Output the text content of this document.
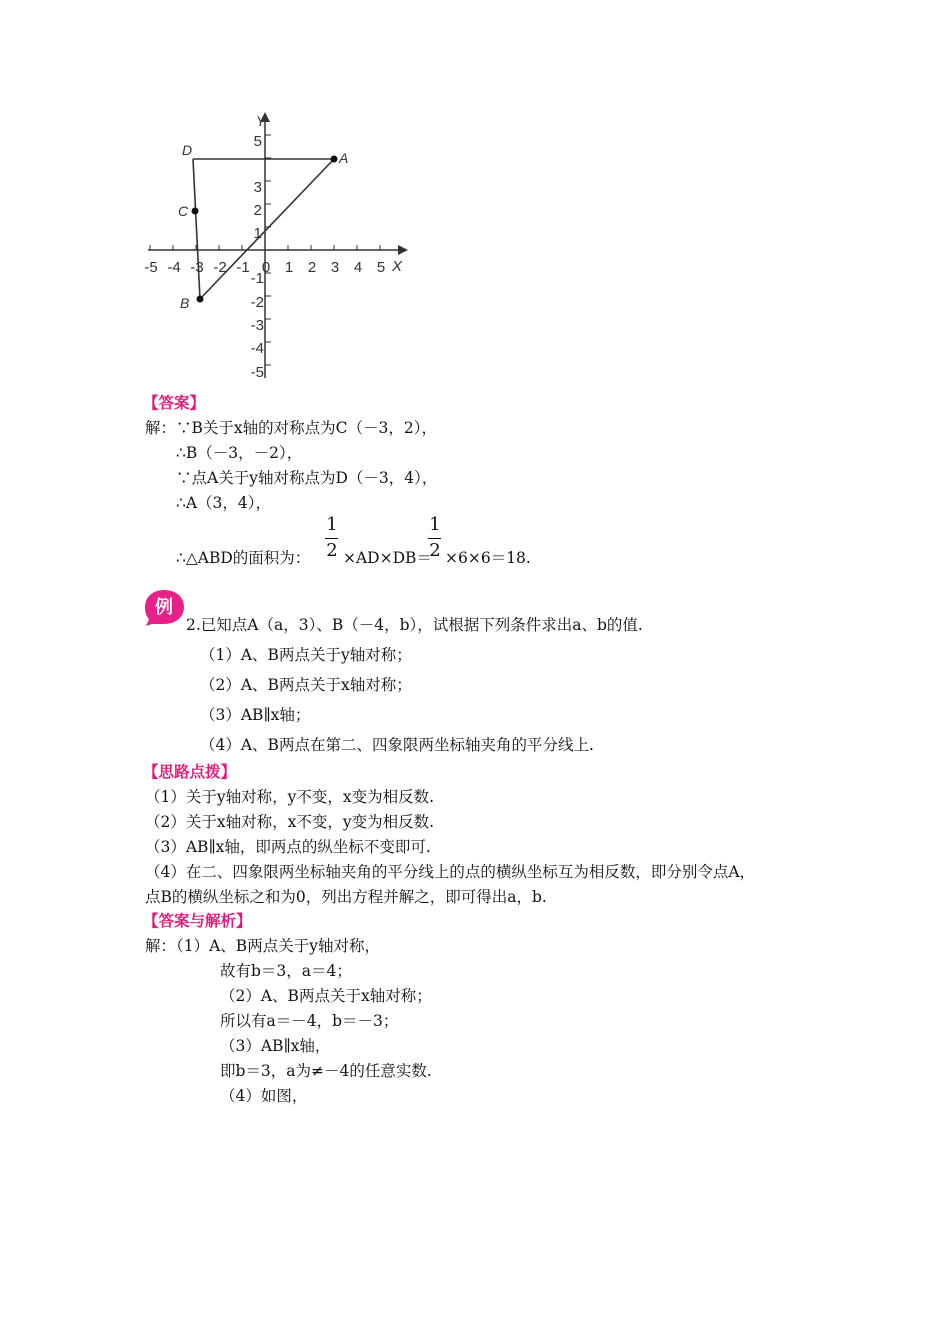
A
B
C
D
X
Y
-5 -4 -3 -2 -1 0 1 2 3 4 5
5
3
2
1
-1
-2
-3
-4
-5
【答案】
解：∵B关于x轴的对称点为C（－3，2），
∴B（－3，－2），
∵点A关于y轴对称点为D（－3，4），
∴A（3，4），
∴△ABD的面积为：
1
2 ×AD×DB＝
1
2 ×6×6＝18.
例
2.已知点A（a，3）、B（－4，b），试根据下列条件求出a、b的值.
（1）A、B两点关于y轴对称；
（2）A、B两点关于x轴对称；
（3）AB∥x轴；
（4）A、B两点在第二、四象限两坐标轴夹角的平分线上.
【思路点拨】
（1）关于y轴对称，y不变，x变为相反数.
（2）关于x轴对称，x不变，y变为相反数.
（3）AB∥x轴，即两点的纵坐标不变即可.
（4）在二、四象限两坐标轴夹角的平分线上的点的横纵坐标互为相反数，即分别令点A，
点B的横纵坐标之和为0，列出方程并解之，即可得出a，b.
【答案与解析】
解：（1）A、B两点关于y轴对称，
故有b＝3，a＝4；
（2）A、B两点关于x轴对称；
所以有a＝－4，b＝－3；
（3）AB∥x轴，
即b＝3，a为≠－4的任意实数.
（4）如图，
